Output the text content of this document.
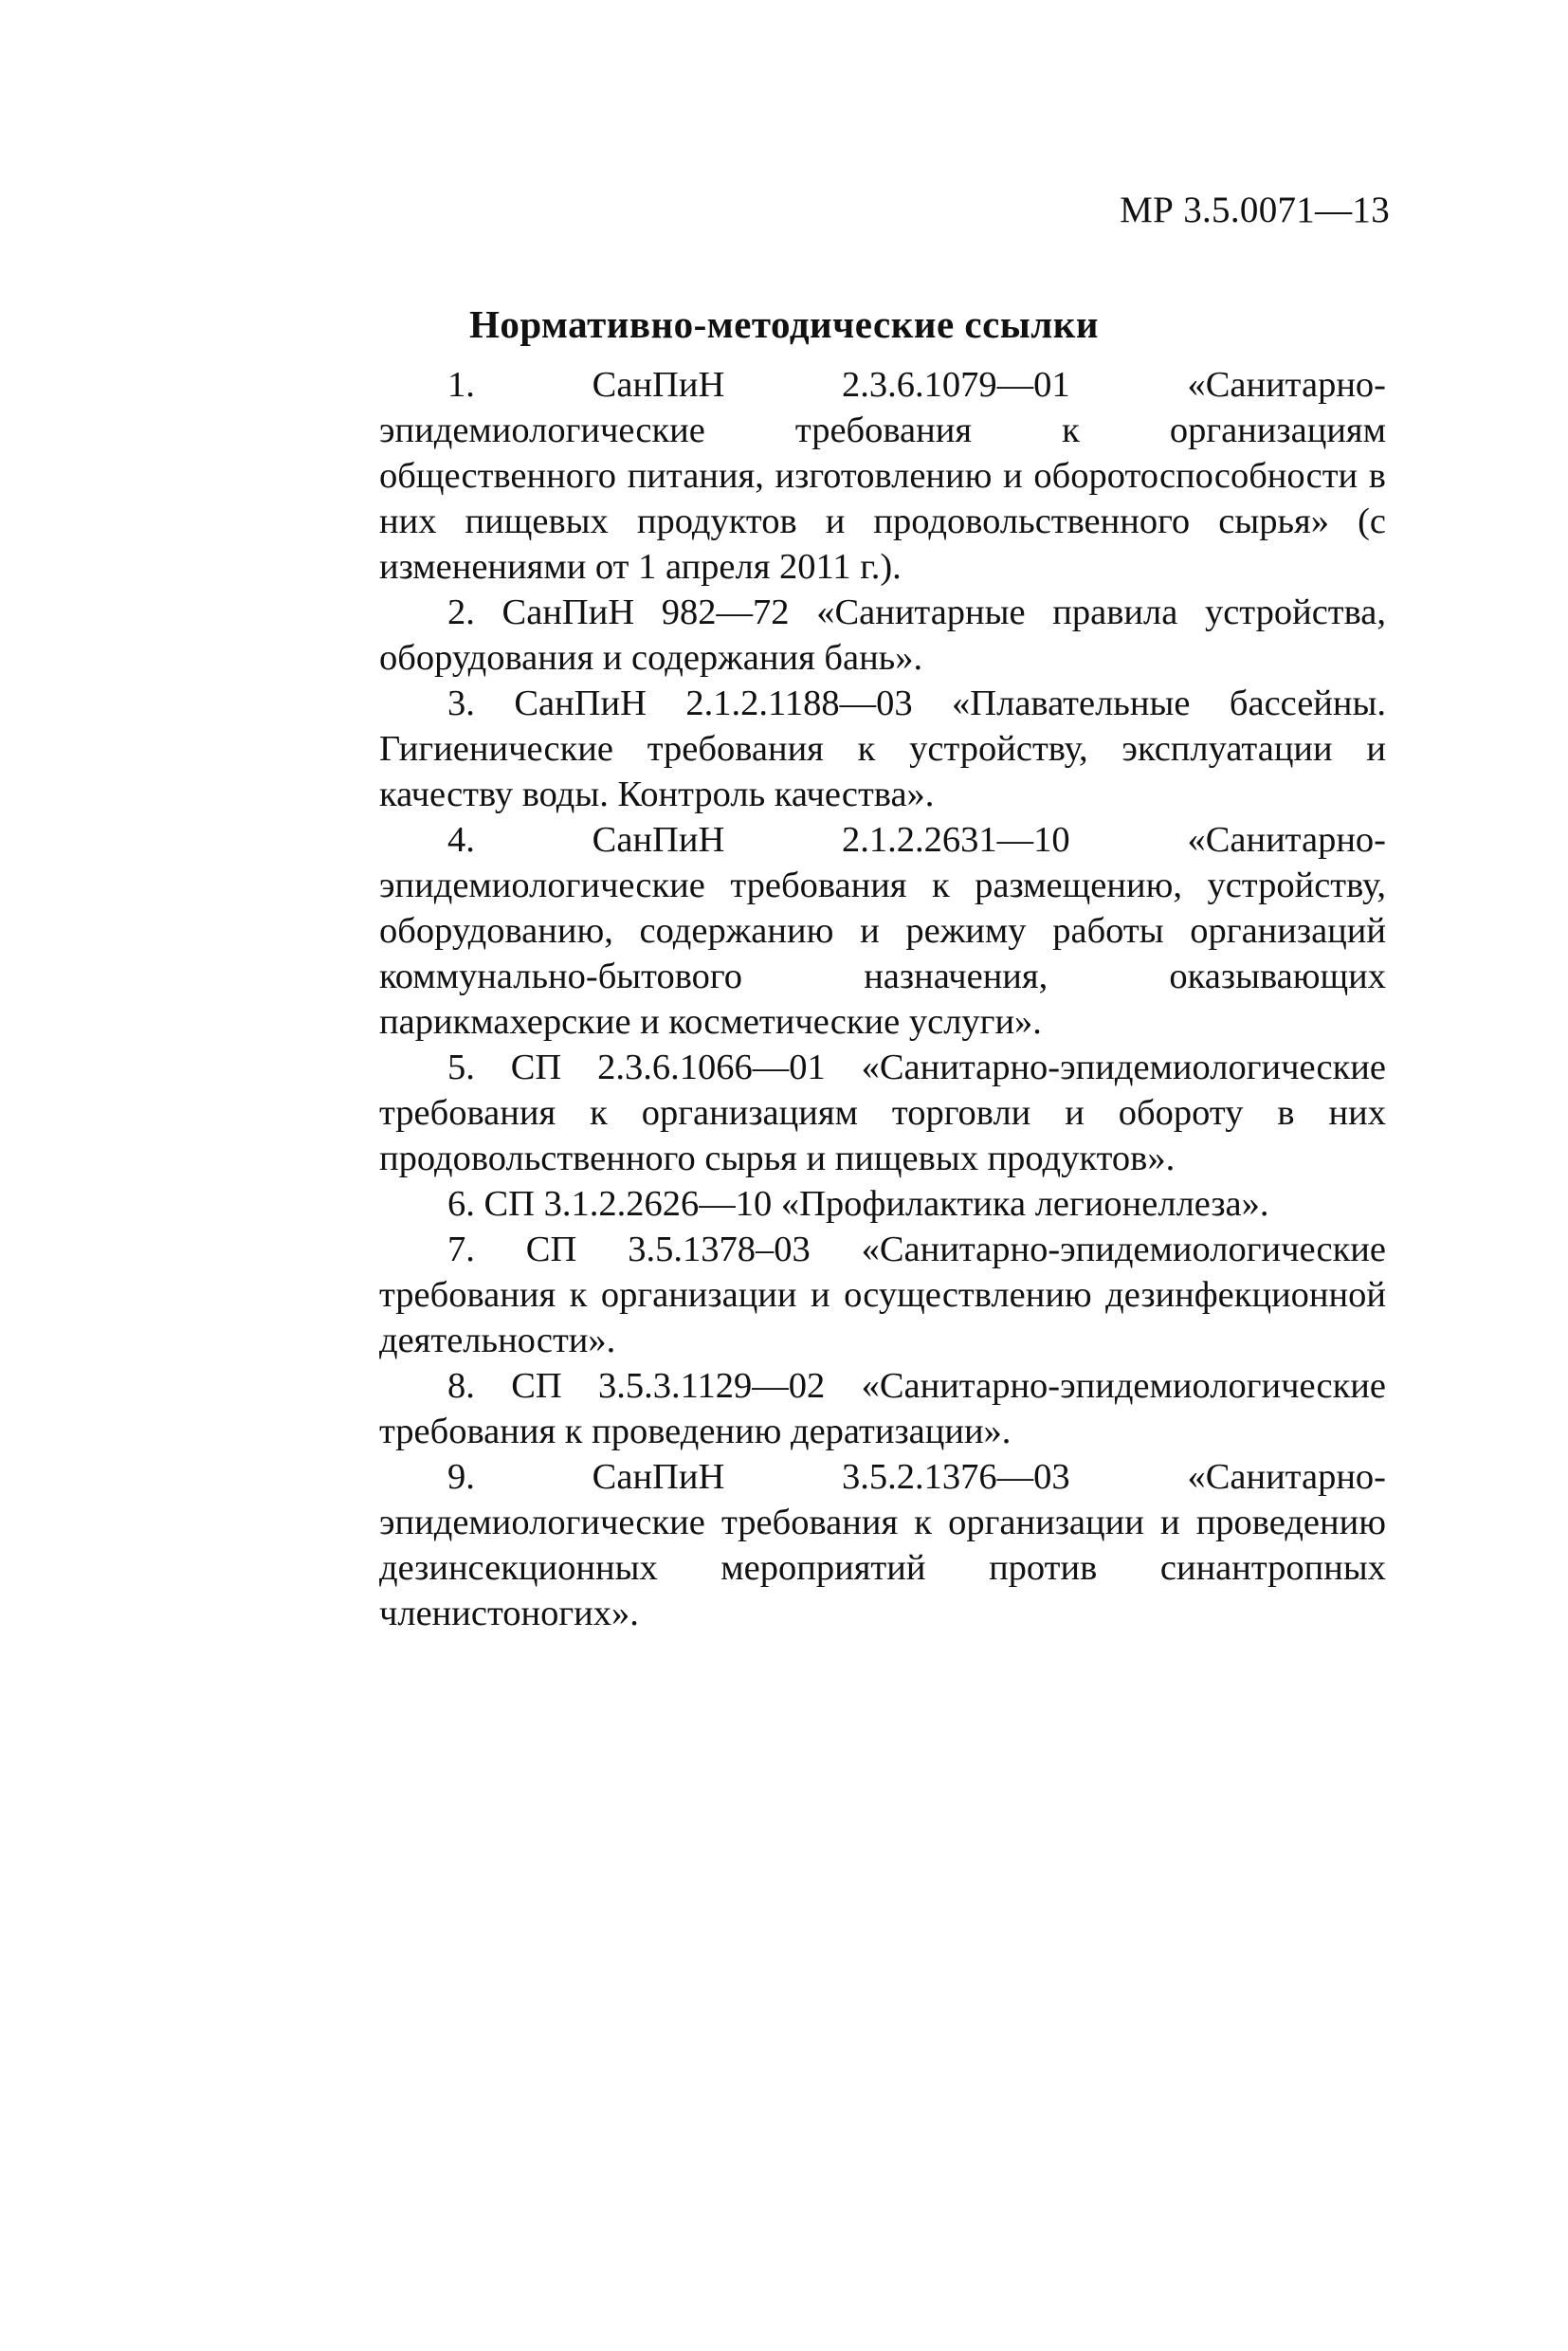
МР 3.5.0071—13
Нормативно-методические ссылки
1.	СанПиН 2.3.6.1079—01 «Санитарно-эпидемиологические требования к организациям общественного питания, изготовлению и оборотоспособности в них пищевых продуктов и продовольственного сырья» (с изменениями от 1 апреля 2011 г.).
2. СанПиН 982—72 «Санитарные правила устройства, оборудования и содержания бань».
3. СанПиН 2.1.2.1188—03 «Плавательные бассейны. Гигиенические требования к устройству, эксплуатации и качеству воды. Контроль качества».
4.	СанПиН 2.1.2.2631—10 «Санитарно-эпидемиологические требования к размещению, устройству, оборудованию, содержанию и режиму работы организаций коммунально-бытового назначения, оказывающих парикмахерские и косметические услуги».
5. СП 2.3.6.1066—01 «Санитарно-эпидемиологические требования к организациям торговли и обороту в них продовольственного сырья и пищевых продуктов».
6. СП 3.1.2.2626—10 «Профилактика легионеллеза».
7. СП 3.5.1378–03 «Санитарно-эпидемиологические требования к организации и осуществлению дезинфекционной деятельности».
8. СП 3.5.3.1129—02 «Санитарно-эпидемиологические требования к проведению дератизации».
9.	СанПиН 3.5.2.1376—03 «Санитарно-эпидемиологические требования к организации и проведению дезинсекционных мероприятий против синантропных членистоногих».
